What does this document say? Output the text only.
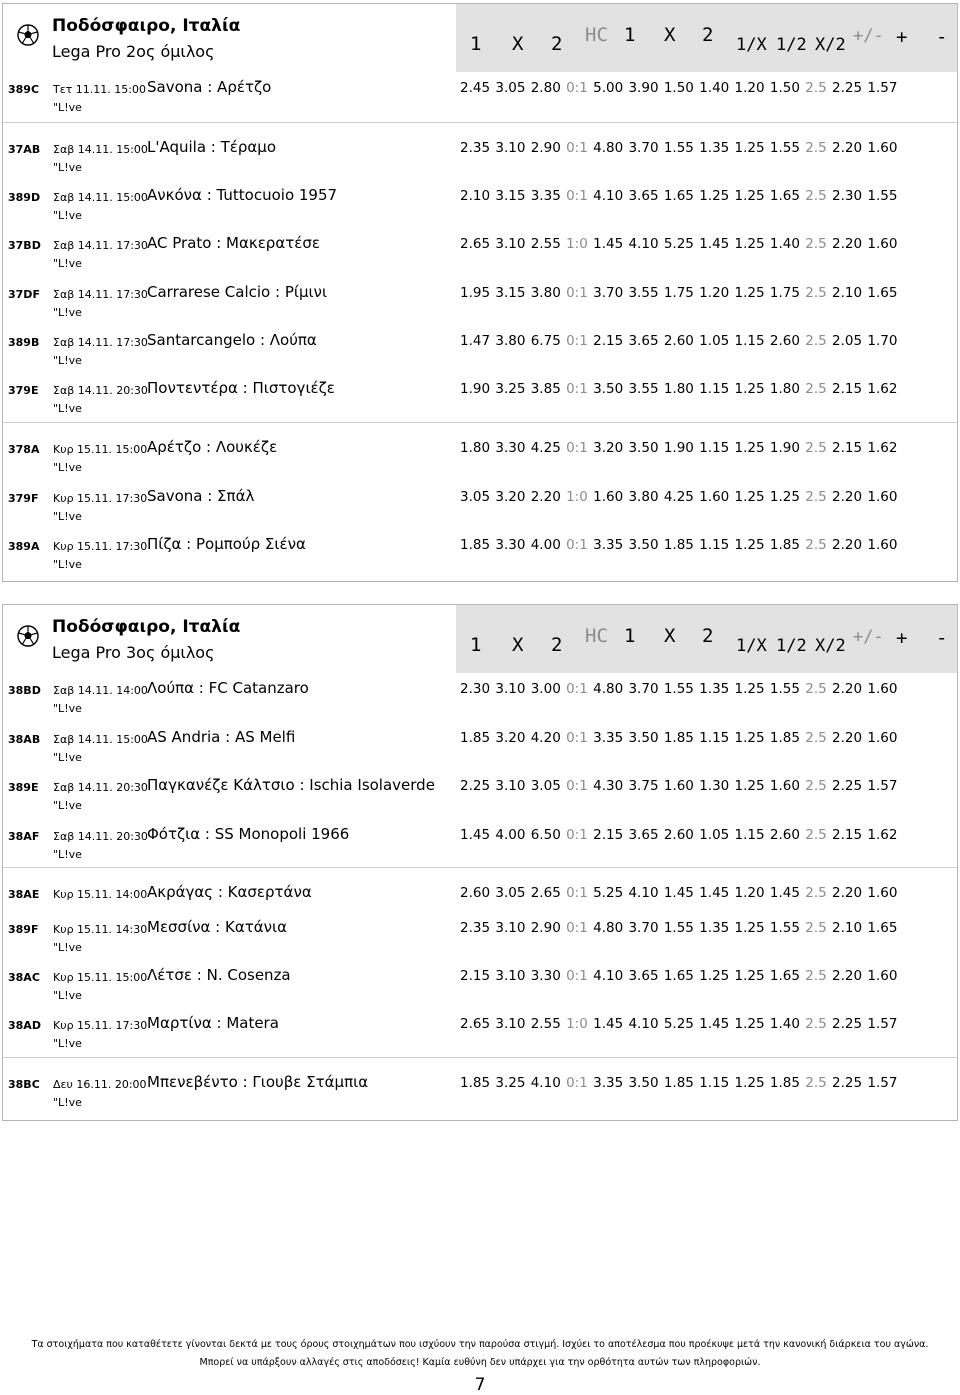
Ποδόσφαιρο, Ιταλία
Lega Pro 2ος όμιλος	1 X 2 HC 1 X 2 1/X 1/2 X/2 +/- + -
389C Τετ 11.11. 15:00
"L!ve
Savona : Αρέτζο	2.45 3.05 2.80 0:1 5.00 3.90 1.50 1.40 1.20 1.50 2.5 2.25 1.57
37AB Σαβ 14.11. 15:00
"L!ve
L'Aquila : Τέραμο	2.35 3.10 2.90 0:1 4.80 3.70 1.55 1.35 1.25 1.55 2.5 2.20 1.60
389D Σαβ 14.11. 15:00
"L!ve
Ανκόνα : Tuttocuoio 1957	2.10 3.15 3.35 0:1 4.10 3.65 1.65 1.25 1.25 1.65 2.5 2.30 1.55
37BD Σαβ 14.11. 17:30
"L!ve
AC Prato : Μακερατέσε	2.65 3.10 2.55 1:0 1.45 4.10 5.25 1.45 1.25 1.40 2.5 2.20 1.60
37DF Σαβ 14.11. 17:30
"L!ve
Carrarese Calcio : Ρίμινι	1.95 3.15 3.80 0:1 3.70 3.55 1.75 1.20 1.25 1.75 2.5 2.10 1.65
389B Σαβ 14.11. 17:30
"L!ve
Santarcangelo : Λούπα	1.47 3.80 6.75 0:1 2.15 3.65 2.60 1.05 1.15 2.60 2.5 2.05 1.70
379E Σαβ 14.11. 20:30
"L!ve
Ποντεντέρα : Πιστογιέζε	1.90 3.25 3.85 0:1 3.50 3.55 1.80 1.15 1.25 1.80 2.5 2.15 1.62
378A Κυρ 15.11. 15:00
"L!ve
Αρέτζο : Λουκέζε	1.80 3.30 4.25 0:1 3.20 3.50 1.90 1.15 1.25 1.90 2.5 2.15 1.62
379F Κυρ 15.11. 17:30
"L!ve
Savona : Σπάλ	3.05 3.20 2.20 1:0 1.60 3.80 4.25 1.60 1.25 1.25 2.5 2.20 1.60
389A Κυρ 15.11. 17:30
"L!ve
Πίζα : Ρομπούρ Σιένα	1.85 3.30 4.00 0:1 3.35 3.50 1.85 1.15 1.25 1.85 2.5 2.20 1.60
Ποδόσφαιρο, Ιταλία
Lega Pro 3ος όμιλος	1 X 2 HC 1 X 2 1/X 1/2 X/2 +/- + -
38BD Σαβ 14.11. 14:00
"L!ve
Λούπα : FC Catanzaro	2.30 3.10 3.00 0:1 4.80 3.70 1.55 1.35 1.25 1.55 2.5 2.20 1.60
38AB Σαβ 14.11. 15:00
"L!ve
AS Andria : AS Melfi	1.85 3.20 4.20 0:1 3.35 3.50 1.85 1.15 1.25 1.85 2.5 2.20 1.60
389E Σαβ 14.11. 20:30
"L!ve
Παγκανέζε Κάλτσιο : Ischia Isolaverde	2.25 3.10 3.05 0:1 4.30 3.75 1.60 1.30 1.25 1.60 2.5 2.25 1.57
38AF Σαβ 14.11. 20:30
"L!ve
Φότζια : SS Monopoli 1966	1.45 4.00 6.50 0:1 2.15 3.65 2.60 1.05 1.15 2.60 2.5 2.15 1.62
38AE Κυρ 15.11. 14:00 Ακράγας : Κασερτάνα	2.60 3.05 2.65 0:1 5.25 4.10 1.45 1.45 1.20 1.45 2.5 2.20 1.60
389F Κυρ 15.11. 14:30
"L!ve
Μεσσίνα : Κατάνια	2.35 3.10 2.90 0:1 4.80 3.70 1.55 1.35 1.25 1.55 2.5 2.10 1.65
38AC Κυρ 15.11. 15:00
"L!ve
Λέτσε : N. Cosenza	2.15 3.10 3.30 0:1 4.10 3.65 1.65 1.25 1.25 1.65 2.5 2.20 1.60
38AD Κυρ 15.11. 17:30
"L!ve
Μαρτίνα : Matera	2.65 3.10 2.55 1:0 1.45 4.10 5.25 1.45 1.25 1.40 2.5 2.25 1.57
38BC Δευ 16.11. 20:00
"L!ve
Μπενεβέντο : Γιουβε Στάμπια	1.85 3.25 4.10 0:1 3.35 3.50 1.85 1.15 1.25 1.85 2.5 2.25 1.57
Τα στοιχήματα που καταθέτετε γίνονται δεκτά με τους όρους στοιχημάτων που ισχύουν την παρούσα στιγμή. Ισχύει το αποτέλεσμα που προέκυψε μετά την κανονική διάρκεια του αγώνα.
Μπορεί να υπάρξουν αλλαγές στις αποδόσεις! Καμία ευθύνη δεν υπάρχει για την ορθότητα αυτών των πληροφοριών.
7
